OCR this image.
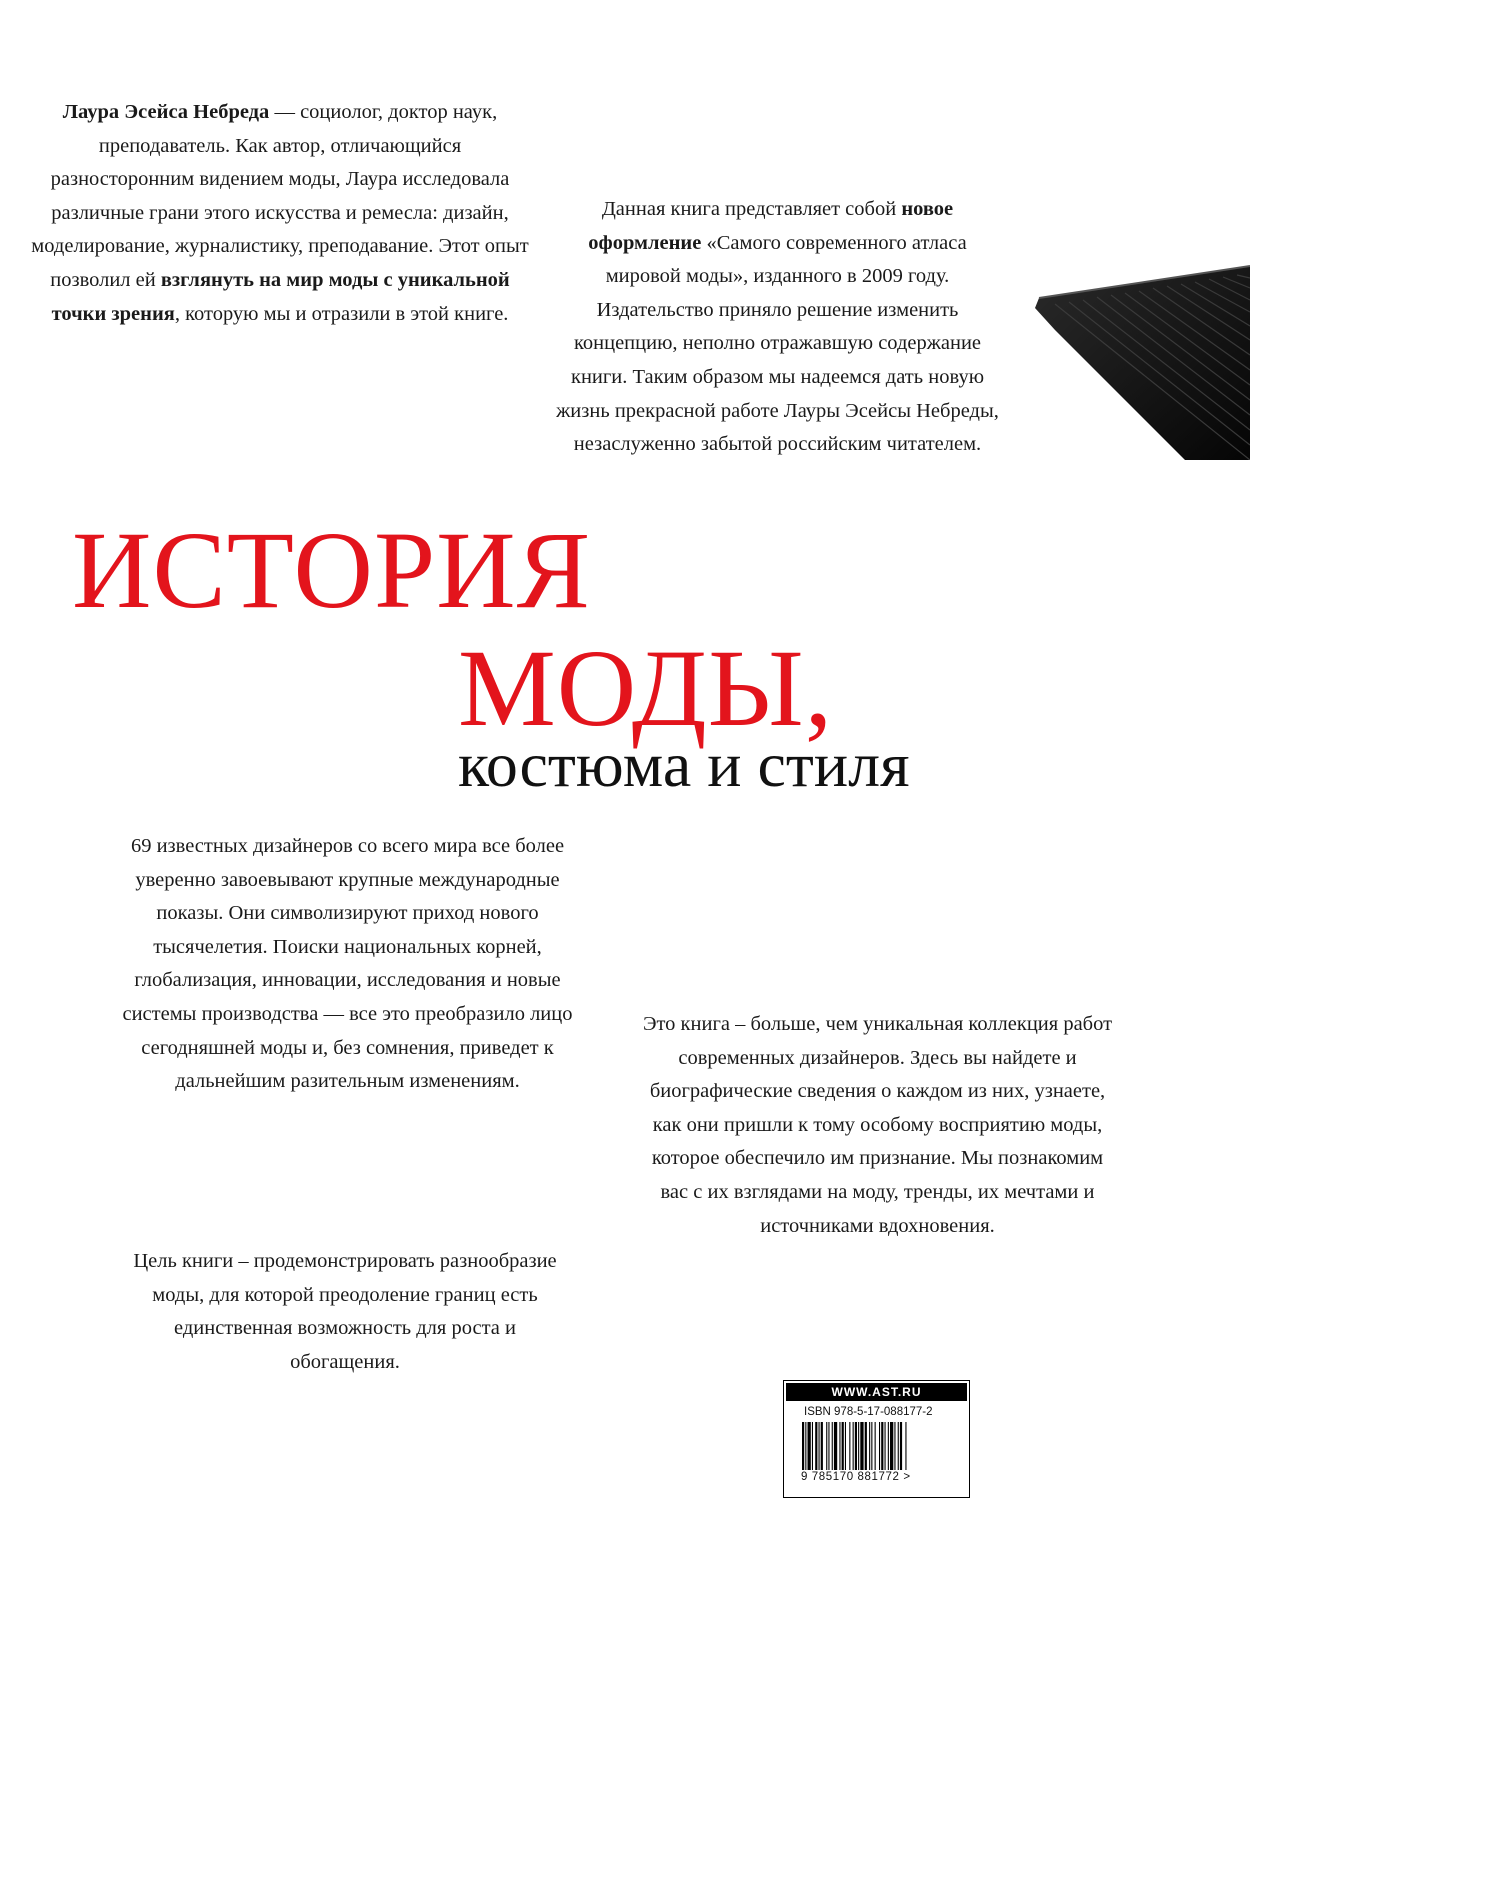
Лаура Эсейса Небреда — социолог, доктор наук, преподаватель. Как автор, отличающийся разносторонним видением моды, Лаура исследовала различные грани этого искусства и ремесла: дизайн, моделирование, журналистику, преподавание. Этот опыт позволил ей взглянуть на мир моды с уникальной точки зрения, которую мы и отразили в этой книге.

Данная книга представляет собой новое оформление «Самого современного атласа мировой моды», изданного в 2009 году. Издательство приняло решение изменить концепцию, неполно отражавшую содержание книги. Таким образом мы надеемся дать новую жизнь прекрасной работе Лауры Эсейсы Небреды, незаслуженно забытой российским читателем.

ИСТОРИЯ
МОДЫ,
костюма и стиля

69 известных дизайнеров со всего мира все более уверенно завоевывают крупные международные показы. Они символизируют приход нового тысячелетия. Поиски национальных корней, глобализация, инновации, исследования и новые системы производства — все это преобразило лицо сегодняшней моды и, без сомнения, приведет к дальнейшим разительным изменениям.

Это книга – больше, чем уникальная коллекция работ современных дизайнеров. Здесь вы найдете и биографические сведения о каждом из них, узнаете, как они пришли к тому особому восприятию моды, которое обеспечило им признание. Мы познакомим вас с их взглядами на моду, тренды, их мечтами и источниками вдохновения.

Цель книги – продемонстрировать разнообразие моды, для которой преодоление границ есть единственная возможность для роста и обогащения.

WWW.AST.RU
ISBN 978-5-17-088177-2
9 785170 881772 >
